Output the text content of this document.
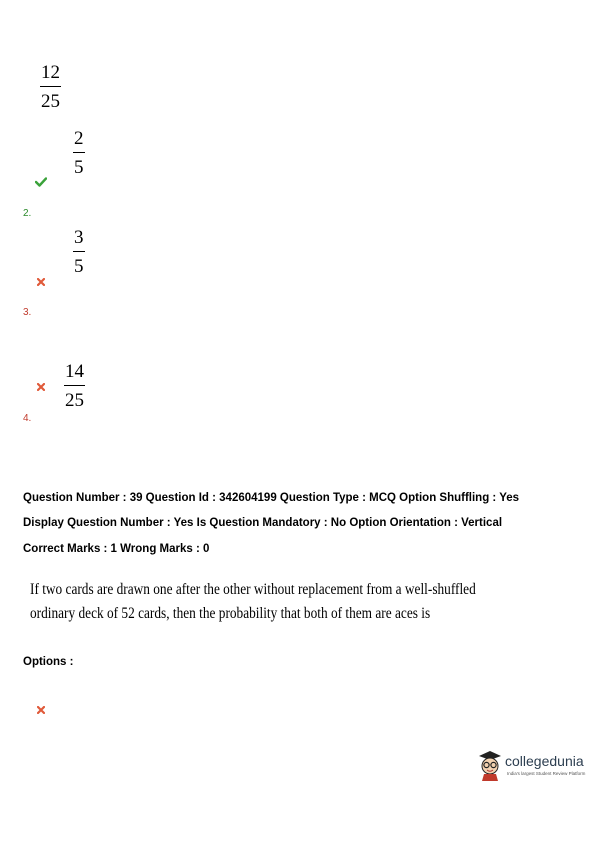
12
25
2
5
2.
3
5
3.
14
25
4.
Question Number : 39 Question Id : 342604199 Question Type : MCQ Option Shuffling : Yes
Display Question Number : Yes Is Question Mandatory : No Option Orientation : Vertical
Correct Marks : 1 Wrong Marks : 0
If two cards are drawn one after the other without replacement from a well-shuffled
ordinary deck of 52 cards, then the probability that both of them are aces is
Options :
collegedunia
India's largest Student Review Platform
